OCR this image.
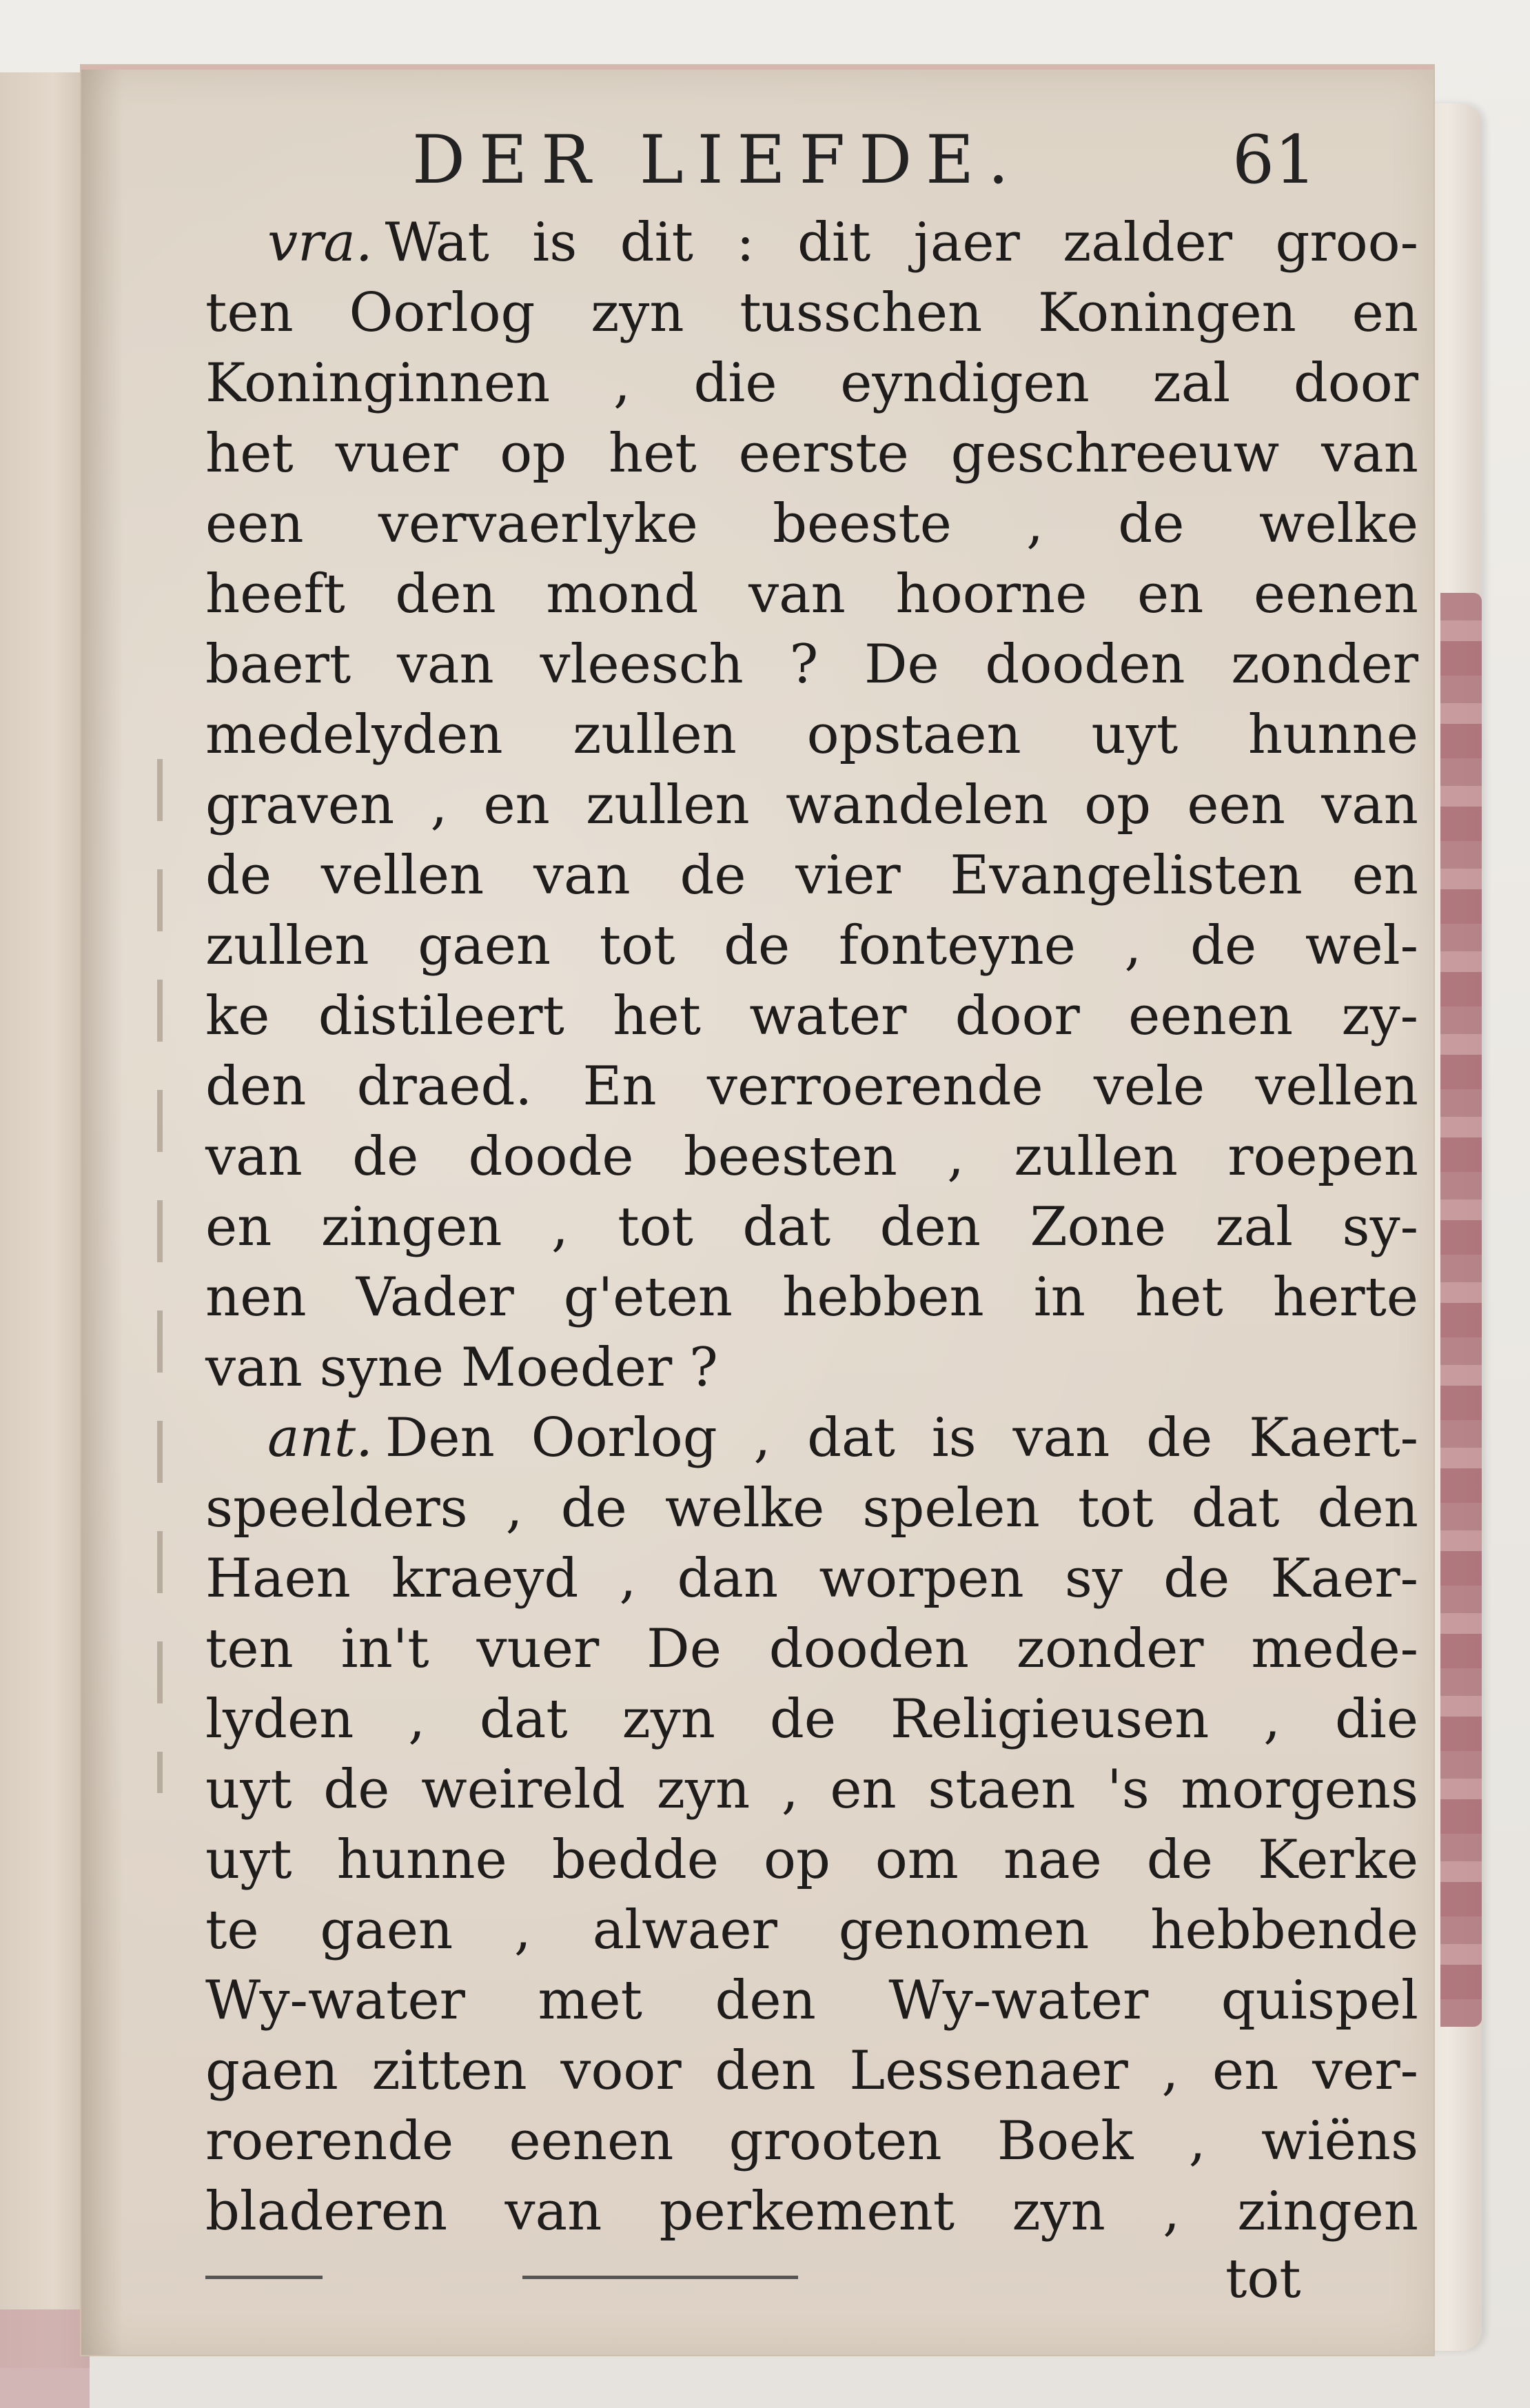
DER LIEFDE.	61
vra. Wat is dit : dit jaer zalder groo-
ten Oorlog zyn tusschen Koningen en
Koninginnen , die eyndigen zal door
het vuer op het eerste geschreeuw van
een vervaerlyke beeste , de welke
heeft den mond van hoorne en eenen
baert van vleesch ? De dooden zonder
medelyden zullen opstaen uyt hunne
graven , en zullen wandelen op een van
de vellen van de vier Evangelisten en
zullen gaen tot de fonteyne , de wel-
ke distileert het water door eenen zy-
den draed. En verroerende vele vellen
van de doode beesten , zullen roepen
en zingen , tot dat den Zone zal sy-
nen Vader g'eten hebben in het herte
van syne Moeder ?
ant. Den Oorlog , dat is van de Kaert-
speelders , de welke spelen tot dat den
Haen kraeyd , dan worpen sy de Kaer-
ten in't vuer De dooden zonder mede-
lyden , dat zyn de Religieusen , die
uyt de weireld zyn , en staen 's morgens
uyt hunne bedde op om nae de Kerke
te gaen , alwaer genomen hebbende
Wy-water met den Wy-water quispel
gaen zitten voor den Lessenaer , en ver-
roerende eenen grooten Boek , wiëns
bladeren van perkement zyn , zingen
tot
